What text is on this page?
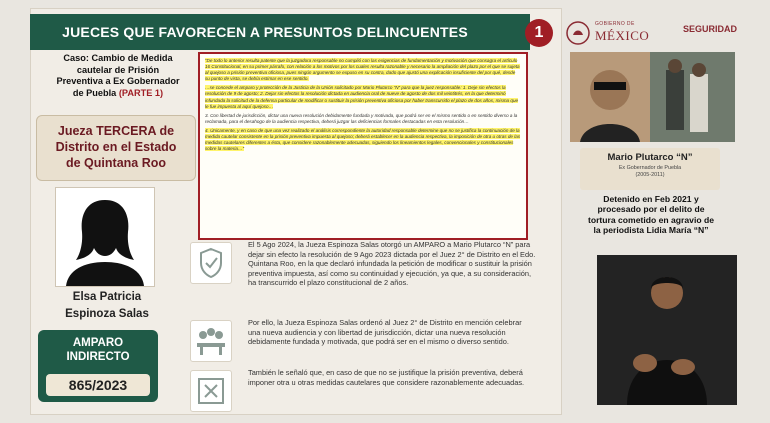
JUECES QUE FAVORECEN A PRESUNTOS DELINCUENTES	1
Caso: Cambio de Medida
cautelar de Prisión
Preventiva a Ex Gobernador
de Puebla (PARTE 1)
Jueza TERCERA de
Distrito en el Estado
de Quintana Roo
Elsa Patricia
Espinoza Salas
AMPARO
INDIRECTO
865/2023

“De todo lo anterior resulta patente que la juzgadora responsable no cumplió con las exigencias de fundamentación y motivación que consagra el artículo 16 Constitucional, en su primer párrafo, con relación a los motivos por los cuales resulta razonable y necesario la ampliación del plazo por el que se sujeta al quejoso a prisión preventiva oficiosa, pues ningún argumento se expuso en su contra, dado que ajustó una explicación insuficiente del por qué, desde su punto de vista, se debía estimar en ese sentido.

…se concede el amparo y protección de la Justicia de la Unión solicitado por Mario Plutarco “N” para que la juez responsable: 1. Deje sin efectos la resolución de 9 de agosto; 2. Dejar sin efectos la resolución dictada en audiencia oral de nueve de agosto de dos mil veintitrés, en la que determinó infundada la solicitud de la defensa particular de modificar o sustituir la prisión preventiva oficiosa por haber transcurrido el plazo de dos años, misma que le fue impuesta al aquí quejoso…

3. Con libertad de jurisdicción, dictar una nueva resolución debidamente fundada y motivada, que podrá ser en el mismo sentido o en sentido diverso a la reclamada, para el desahogo de la audiencia respectiva, deberá juzgar las deficiencias formales destacadas en esta resolución…

4. Únicamente, y en caso de que una vez realizado el análisis correspondiente la autoridad responsable determine que no se justifica la continuación de la medida cautelar consistente en la prisión preventiva impuesta al quejoso; deberá establecer en la audiencia respectiva, la imposición de otra u otras de las medidas cautelares diferentes a ésta, que considere razonablemente adecuadas, siguiendo los lineamientos legales, convencionales y constitucionales sobre la materia…”

El 5 Ago 2024, la Jueza Espinoza Salas otorgó un AMPARO a Mario Plutarco “N” para dejar sin efecto la resolución de 9 Ago 2023 dictada por el Juez 2° de Distrito en el Edo. Quintana Roo, en la que declaró infundada la petición de modificar o sustituir la prisión preventiva impuesta, así como su continuidad y ejecución, ya que, a su consideración, ha transcurrido el plazo constitucional de 2 años.
Por ello, la Jueza Espinoza Salas ordenó al Juez 2° de Distrito en mención celebrar una nueva audiencia y con libertad de jurisdicción, dictar una nueva resolución debidamente fundada y motivada, que podrá ser en el mismo o diverso sentido.
También le señaló que, en caso de que no se justifique la prisión preventiva, deberá imponer otra u otras medidas cautelares que considere razonablemente adecuadas.
GOBIERNO DE
MÉXICO	SEGURIDAD
Mario Plutarco “N”
Ex Gobernador de Puebla
(2005-2011)
Detenido en Feb 2021 y
procesado por el delito de
tortura cometido en agravio de
la periodista Lidia María “N”
